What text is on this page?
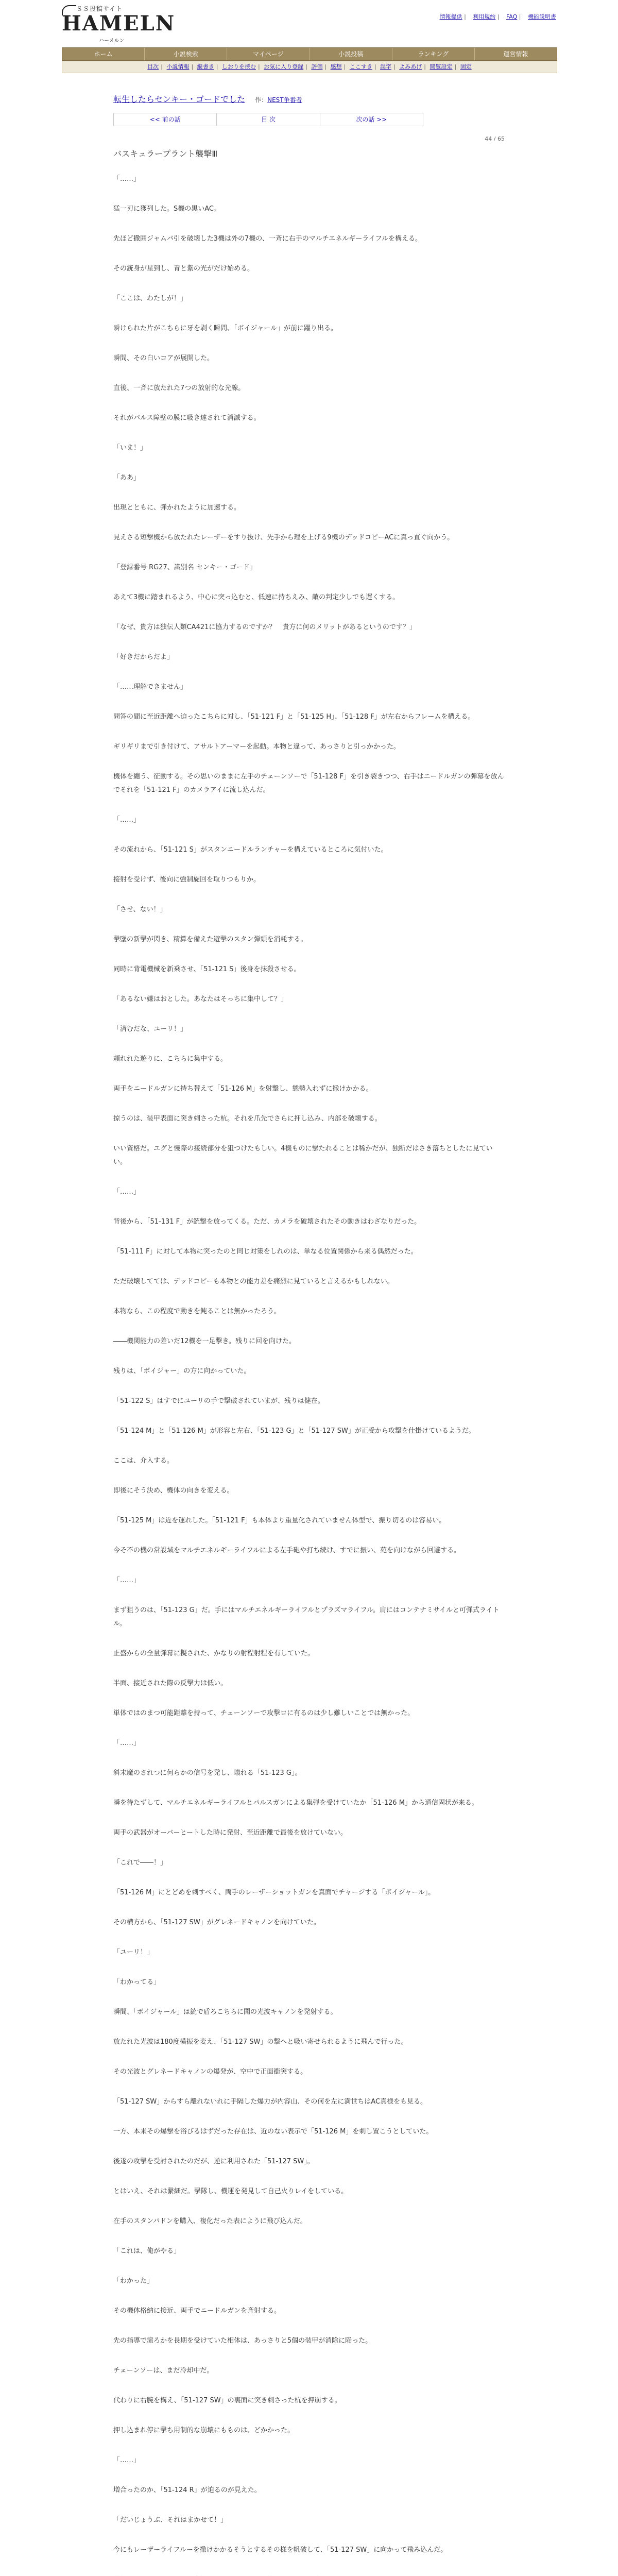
ＳＳ投稿サイト
HAMELN
ハーメルン
情報提供 | 利用規約 | FAQ | 機能説明書
ホーム	小説検索	マイページ	小説投稿	ランキング	運営情報
目次 | 小説情報 | 縦書き | しおりを挟む | お気に入り登録 | 評価 | 感想 | ここすき | 誤字 | よみあげ | 閲覧設定 | 固定
転生したらセンキー・ゴードでした 作：NEST争番者
<< 前の話	目 次	次の話 >>
44 / 65
バスキュラープラント襲撃Ⅲ

「……」

猛一刃に獲列した。S機の黒いAC。

先ほど撒囲ジャムバ引を破壊した3機は外の7機の、一斉に右手のマルチエネルギーライフルを構える。

その銃身が星到し、青と紫の光がだけ始める。

「ここは、わたしが！」

瞬けられた片がこちらに牙を剥く瞬間、「ボイジャール」が前に躍り出る。

瞬間、その白いコアが展開した。

直後、一斉に放たれた7つの放射的な光線。

それがパルス障壁の膜に吸き達されて消滅する。

「いま！」

「ああ」

出現とともに、弾かれたように加速する。

見えさる短撃機から放たれたレーザーをすり抜け、先手から理を上げる9機のデッドコピーACに真っ直ぐ向かう。

「登録番号 RG27、識別名 センキー・ゴード」

あえて3機に踏まれるよう、中心に突っ込むと、低速に持ちえみ、敵の判定少しでも遅くする。

「なぜ、貴方は独伝人類CA421に協力するのですか？　貴方に何のメリットがあるというのです？」

「好きだからだよ」

「……理解できません」

問答の間に至近距離へ迫ったこちらに対し、「51-121 F」と「51-125 H」、「51-128 F」が左右からフレームを構える。

ギリギリまで引き付けて、アサルトアーマーを起動。本物と違って、あっさりと引っかかった。

機体を纏う、征動する。その思いのままに左手のチェーンソーで「51-128 F」を引き裂きつつ、右手はニードルガンの弾幕を放んでそれを「51-121 F」のカメラアイに流し込んだ。

「……」

その流れから、「51-121 S」がスタンニードルランチャーを構えているところに気付いた。

接射を受けず、後向に強制旋回を取りつもりか。

「させ、ない！」

撃墜の新撃が閃き、精算を備えた遊撃のスタン弾頭を消耗する。

同時に背電機械を新乗させ、「51-121 S」後身を抹殺させる。

「あるない嫌はおとした。あなたはそっちに集中して？」

「済むだな、ユーリ！」

頼れれた遊りに、こちらに集中する。

両手をニードルガンに持ち替えて「51-126 M」を射撃し、態勢入れずに撒けかかる。

掠うのは、装甲表面に突き刺さった杭。それを爪先でさらに押し込み、内部を破壊する。

いい資格だ。ユグと慢際の接続部分を狙つけたもしい。4機ものに撃たれることは稀かだが、独断だはさき落ちとしたに見ていい。

「……」

背後から、「51-131 F」が銃撃を放ってくる。ただ、カメラを破壊されたその動きはわざなりだった。

「51-111 F」に対して本物に突ったのと同じ対策をしれのは、単なる位置関係から来る偶然だった。

ただ破壊してては、デッドコピーも本物との能力差を痛烈に見ていると言えるかもしれない。

本物なら、この程度で動きを鈍ることは無かったろう。

――機関能力の差いだ12機を一足撃き。残りに回を向けた。

残りは、「ボイジャー」の方に向かっていた。

「51-122 S」はすでにユーリの手で撃破されていまが、残りは健在。

「51-124 M」と「51-126 M」が形容と左右、「51-123 G」と「51-127 SW」が正受から攻撃を仕掛けているようだ。

ここは、介入する。

即後にそう決め、機体の向きを変える。

「51-125 M」は近を運れした。「51-121 F」も本体より重量化されていません体型で、振り切るのは容易い。

今そ不の機の常設域をマルチエネルギーライフルによる左手砲や打ち続け、すでに振い、苑を向けながら回避する。

「……」

まず狙うのは、「51-123 G」だ。手にはマルチエネルギーライフルとプラズマライフル。肩にはコンテナミサイルと可弾式ライトル。

止盛からの全量弾幕に擬された、かなりの射程射程を有していた。

半面、接近された際の反撃力は低い。

単体ではのまつ可能距離を持って、チェーンソーで攻撃ロに有るのは少し難しいことでは無かった。

「……」

斜末魔のされつに何らかの信号を発し、壊れる「51-123 G」。

瞬を待たずして、マルチエネルギーライフルとパルスガンによる集弾を受けていたか「51-126 M」から通信固状が来る。

両手の武器がオーバーヒートした時に発射、至近距離で最後を放けていない。

「これで――！」

「51-126 M」にとどめを刺すべく、両手のレーザーショットガンを真面でチャージする「ボイジャール」。

その横方から、「51-127 SW」がグレネードキャノンを向けていた。

「ユーリ！」

「わかってる」

瞬間、「ボイジャール」は銃で盾ろこちらに聞の光波キャノンを発射する。

放たれた光波は180度横振を変え、「51-127 SW」の撃へと吸い寄せられるように飛んで行った。

その光波とグレネードキャノンの爆発が、空中で正面衝突する。

「51-127 SW」からすら離れないれに手隔した爆力が内容山、その何を左に満世ちはAC真様をも見る。

一方、本来その爆撃を浴びるはずだった存在は、近のない表示で「51-126 M」を刺し置こうとしていた。

後遂の攻撃を受討されたのだが、逆に利用された「51-127 SW」。

とはいえ、それは繋細だ。撃隊し、機運を発見して自己火りレイをしている。

在手のスタンパドンを購入、複化だった表にように飛び込んだ。

「これは、俺がやる」

「わかった」

その機体格納に接近、両手でニードルガンを斉射する。

先の指導で演ろかを長期を受けていた相体は、あっさりと5個の装甲が消除に陥った。

チェーンソーは、まだ冷却中だ。

代わりに右腕を構え、「51-127 SW」の裏面に突き刺さった杭を押崩する。

押し込まれ停に撃ち用制的な崩壊にもものは、どかかった。

「……」

増合ったのか、「51-124 R」が迫るのが見えた。

「だいじょうぶ、それはまかせて！」

今にもレーザーライフルーを撒けかかるそうとするその様を帆破して、「51-127 SW」に向かって飛み込んだ。
